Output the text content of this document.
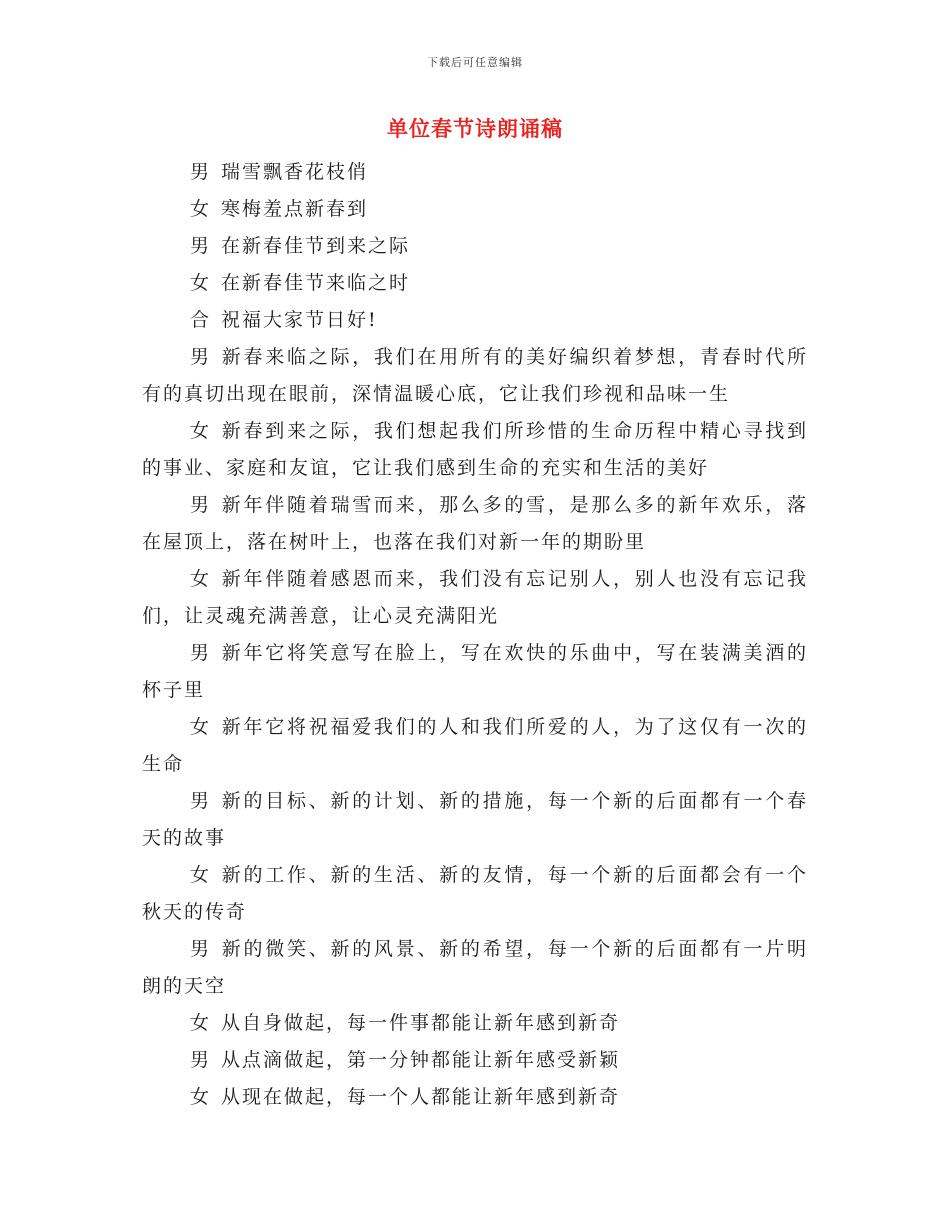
下载后可任意编辑
单位春节诗朗诵稿

男 瑞雪飘香花枝俏

女 寒梅羞点新春到

男 在新春佳节到来之际

女 在新春佳节来临之时

合 祝福大家节日好!

男 新春来临之际，我们在用所有的美好编织着梦想，青春时代所有的真切出现在眼前，深情温暖心底，它让我们珍视和品味一生

女 新春到来之际，我们想起我们所珍惜的生命历程中精心寻找到的事业、家庭和友谊，它让我们感到生命的充实和生活的美好

男 新年伴随着瑞雪而来，那么多的雪，是那么多的新年欢乐，落在屋顶上，落在树叶上，也落在我们对新一年的期盼里

女 新年伴随着感恩而来，我们没有忘记别人，别人也没有忘记我们，让灵魂充满善意，让心灵充满阳光

男 新年它将笑意写在脸上，写在欢快的乐曲中，写在装满美酒的杯子里

女 新年它将祝福爱我们的人和我们所爱的人，为了这仅有一次的生命

男 新的目标、新的计划、新的措施，每一个新的后面都有一个春天的故事

女 新的工作、新的生活、新的友情，每一个新的后面都会有一个秋天的传奇

男 新的微笑、新的风景、新的希望，每一个新的后面都有一片明朗的天空

女 从自身做起，每一件事都能让新年感到新奇

男 从点滴做起，第一分钟都能让新年感受新颖

女 从现在做起，每一个人都能让新年感到新奇
